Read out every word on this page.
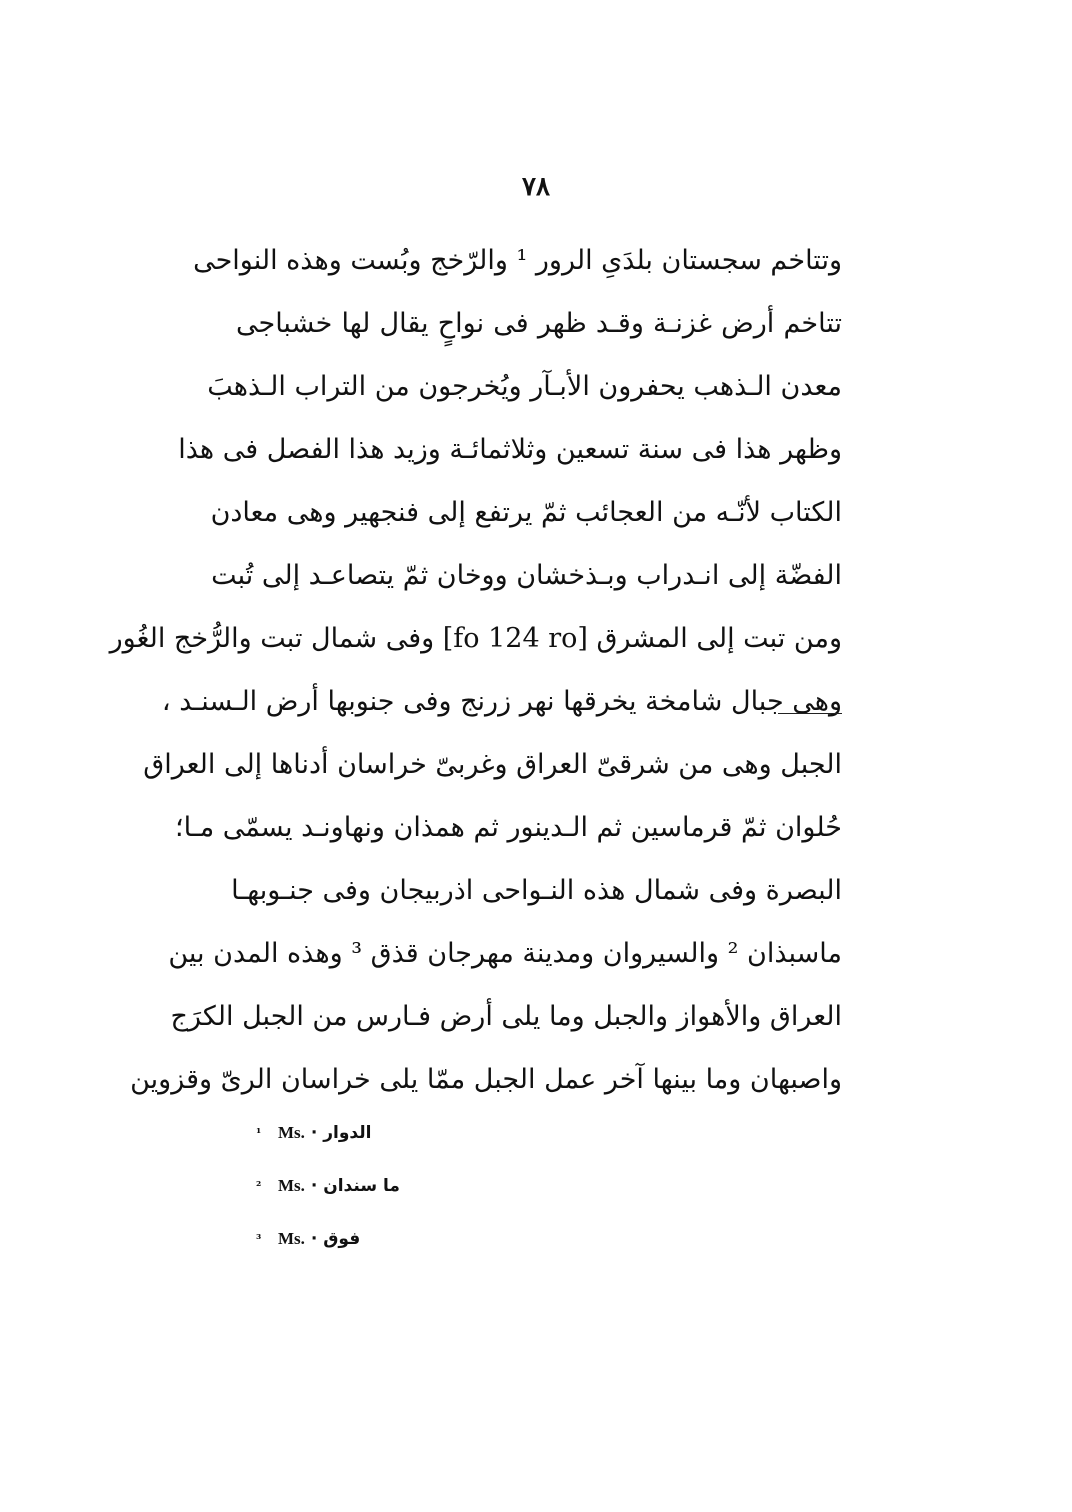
٧٨
وتتاخم سجستان بلدَىِ الرور ¹ والرّخج وبُست وهذه النواحى
تتاخم أرض غزنـة وقـد ظهر فى نواحٍ يقال لها خشباجى
معدن الـذهب يحفرون الأبـآر ويُخرجون من التراب الـذهبَ
وظهر هذا فى سنة تسعين وثلاثمائـة وزيد هذا الفصل فى هذا
الكتاب لأنّـه من العجائب ثمّ يرتفع إلى فنجهير وهى معادن
الفضّة إلى انـدراب وبـذخشان ووخان ثمّ يتصاعـد إلى تُبت
ومن تبت إلى المشرق [fo 124 ro] وفى شمال تبت والرُّخج الغُور
وهى جبال شامخة يخرقها نهر زرنج وفى جنوبها أرض الـسنـد ،
الجبل وهى من شرقىّ العراق وغربىّ خراسان أدناها إلى العراق
حُلوان ثمّ قرماسين ثم الـدينور ثم همذان ونهاونـد يسمّى مـا؛
البصرة وفى شمال هذه النـواحى اذربيجان وفى جنـوبهـا
ماسبذان ² والسيروان ومدينة مهرجان قذق ³ وهذه المدن بين
العراق والأهواز والجبل وما يلى أرض فـارس من الجبل الكرَج
واصبهان وما بينها آخر عمل الجبل ممّا يلى خراسان الرىّ وقزوين
¹ Ms. الدوار ·
² Ms. ما سندان ·
³ Ms. فوق ·
